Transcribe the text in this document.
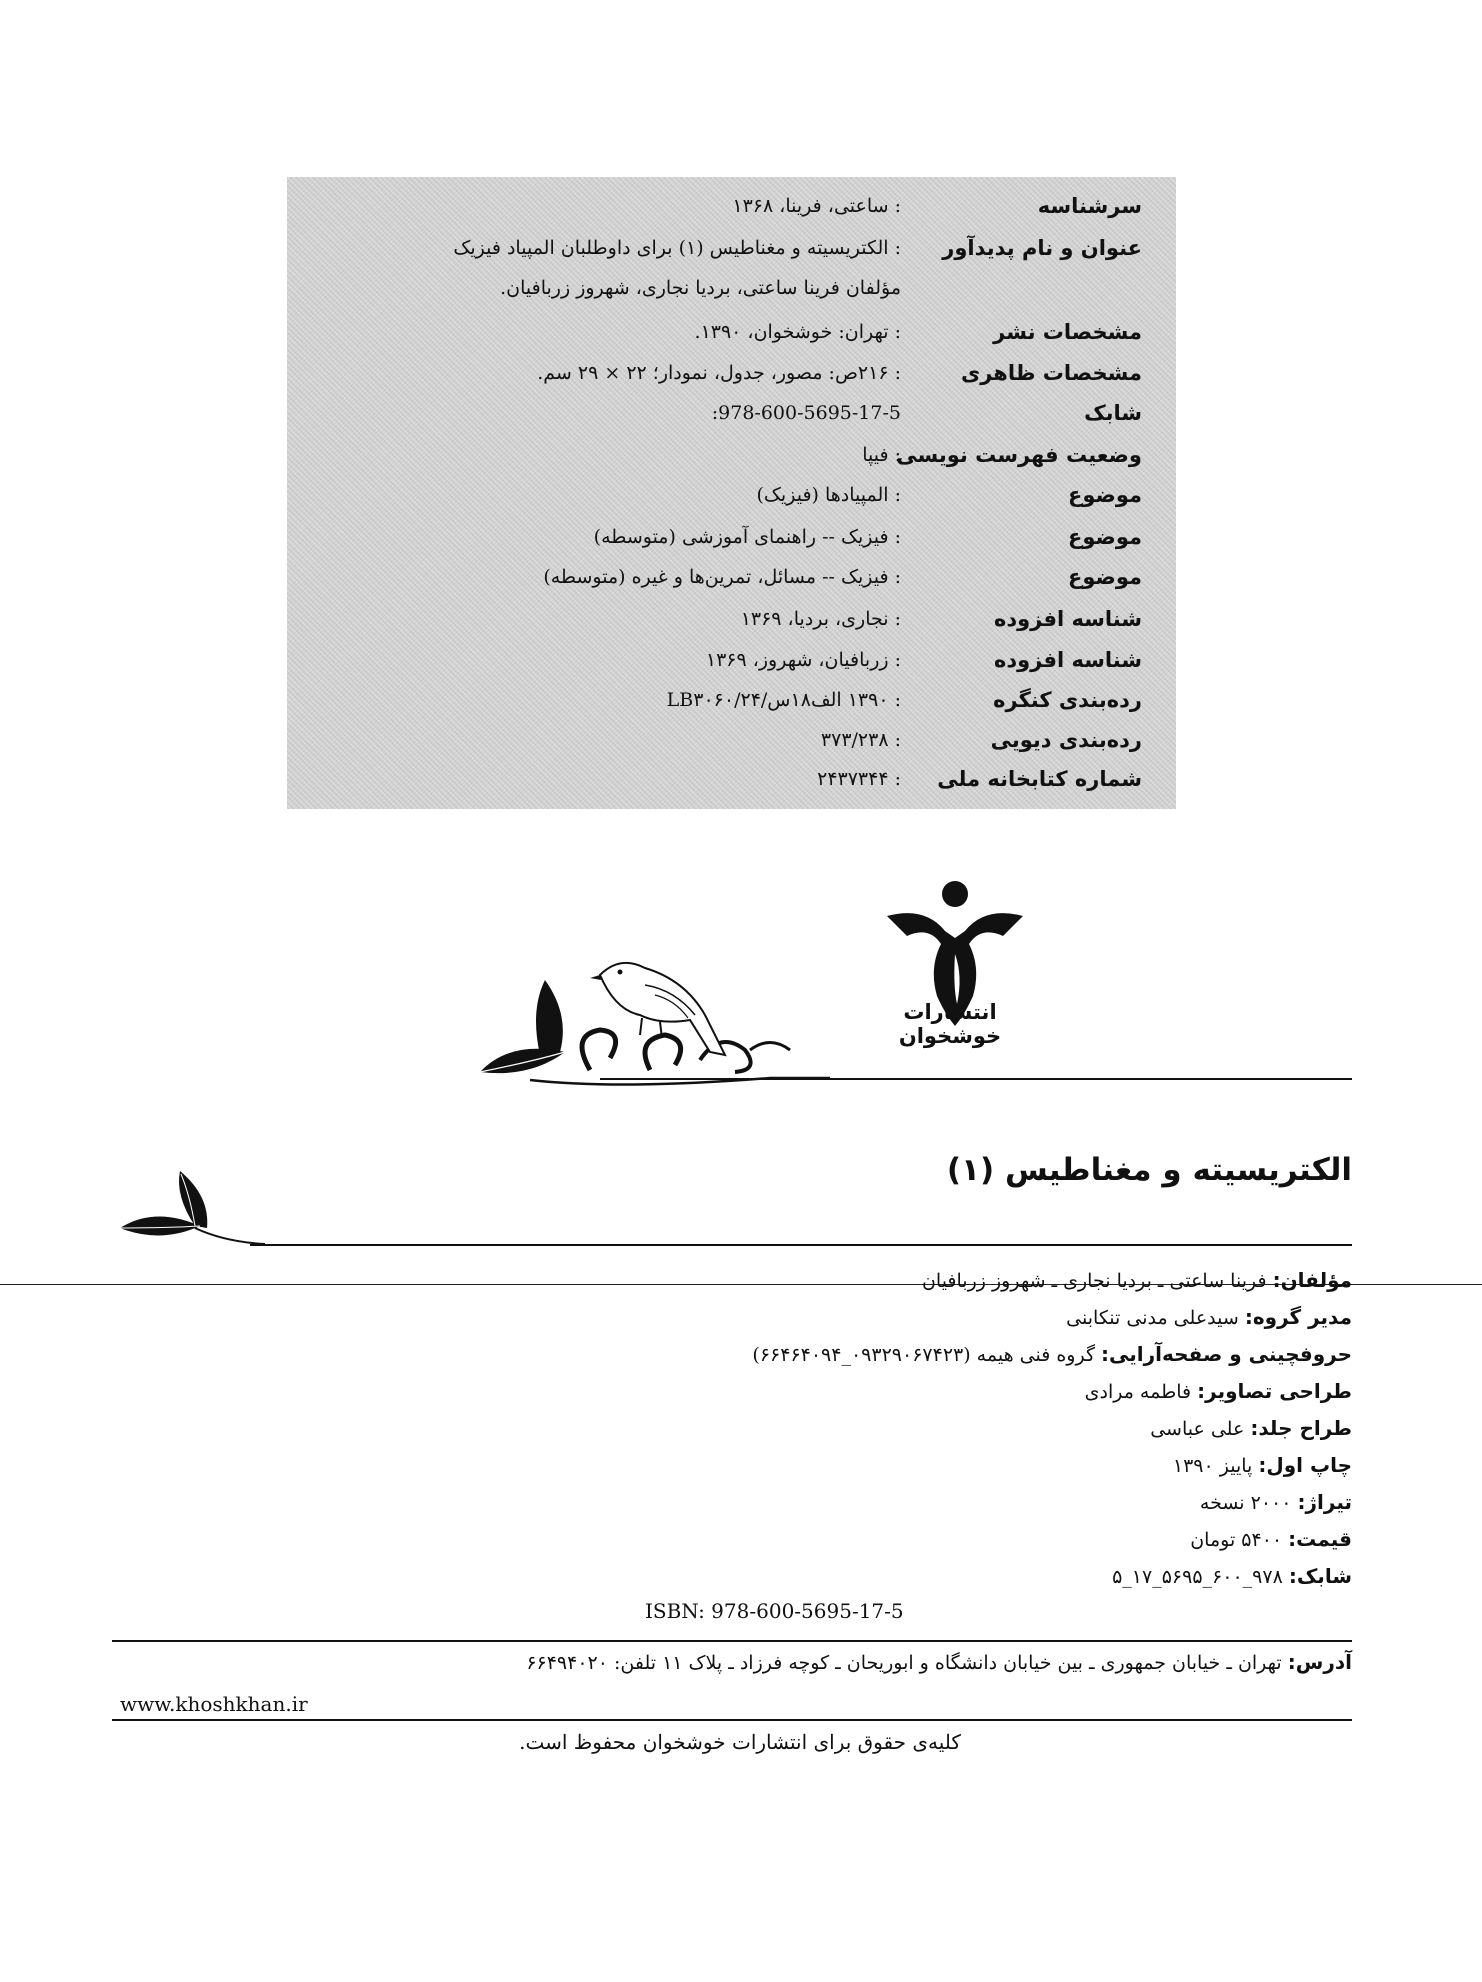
سرشناسه
: ساعتی، فرینا، ۱۳۶۸
عنوان و نام پدیدآور
: الکتریسیته و مغناطیس (۱) برای داوطلبان المپیاد فیزیک
مؤلفان فرینا ساعتی، بردیا نجاری، شهروز زربافیان.
مشخصات نشر
: تهران: خوشخوان، ۱۳۹۰.
مشخصات ظاهری
: ۲۱۶ص: مصور، جدول، نمودار؛ ۲۲ × ۲۹ سم.
شابک
978-600-5695-17-5:
وضعیت فهرست نویسی
: فیپا
موضوع
: المپیادها (فیزیک)
موضوع
: فیزیک -- راهنمای آموزشی (متوسطه)
موضوع
: فیزیک -- مسائل، تمرین‌ها و غیره (متوسطه)
شناسه افزوده
: نجاری، بردیا، ۱۳۶۹
شناسه افزوده
: زربافیان، شهروز، ۱۳۶۹
رده‌بندی کنگره
: ۱۳۹۰ الف۱۸س/۲۴/LB۳۰۶۰
رده‌بندی دیویی
: ۳۷۳/۲۳۸
شماره کتابخانه ملی
: ۲۴۳۷۳۴۴
انتشارات خوشخوان
الکتریسیته و مغناطیس (۱)
مؤلفان: فرینا ساعتی ـ بردیا نجاری ـ شهروز زربافیان
مدیر گروه: سیدعلی مدنی تنکابنی
حروفچینی و صفحه‌آرایی: گروه فنی هیمه (۰۹۳۲۹۰۶۷۴۲۳_۶۶۴۶۴۰۹۴)
طراحی تصاویر: فاطمه مرادی
طراح جلد: علی عباسی
چاپ اول: پاییز ۱۳۹۰
تیراژ: ۲۰۰۰ نسخه
قیمت: ۵۴۰۰ تومان
شابک: ۹۷۸_۶۰۰_۵۶۹۵_۱۷_۵
ISBN: 978-600-5695-17-5
آدرس: تهران ـ خیابان جمهوری ـ بین خیابان دانشگاه و ابوریحان ـ کوچه فرزاد ـ پلاک ۱۱ تلفن: ۶۶۴۹۴۰۲۰
www.khoshkhan.ir
کلیه‌ی حقوق برای انتشارات خوشخوان محفوظ است.
